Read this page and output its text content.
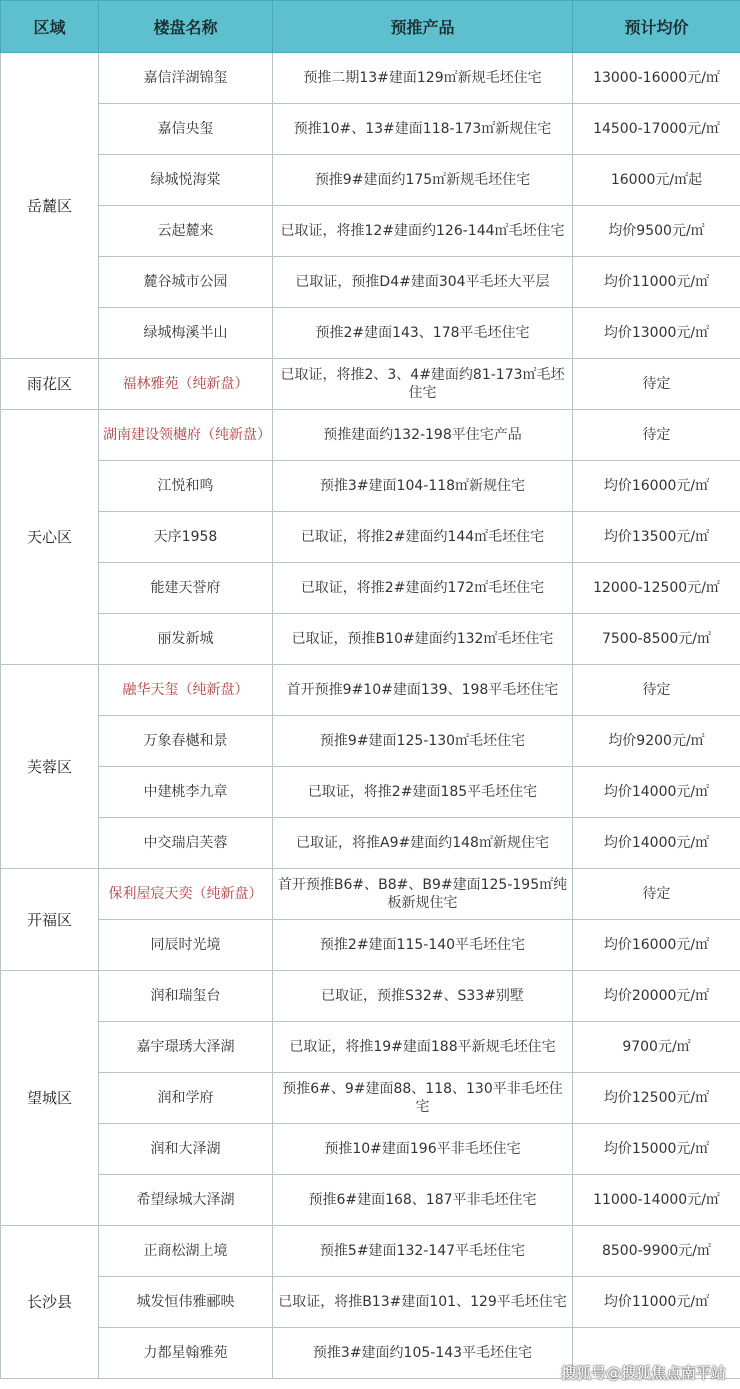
区域	楼盘名称	预推产品	预计均价
岳麓区	嘉信洋湖锦玺	预推二期13#建面129㎡新规毛坯住宅	13000-16000元/㎡
	嘉信央玺	预推10#、13#建面118-173㎡新规住宅	14500-17000元/㎡
	绿城悦海棠	预推9#建面约175㎡新规毛坯住宅	16000元/㎡起
	云起麓来	已取证，将推12#建面约126-144㎡毛坯住宅	均价9500元/㎡
	麓谷城市公园	已取证，预推D4#建面304平毛坯大平层	均价11000元/㎡
	绿城梅溪半山	预推2#建面143、178平毛坯住宅	均价13000元/㎡
雨花区	福林雅苑（纯新盘）	已取证，将推2、3、4#建面约81-173㎡毛坯住宅	待定
天心区	湖南建设领樾府（纯新盘）	预推建面约132-198平住宅产品	待定
	江悦和鸣	预推3#建面104-118㎡新规住宅	均价16000元/㎡
	天序1958	已取证，将推2#建面约144㎡毛坯住宅	均价13500元/㎡
	能建天誉府	已取证，将推2#建面约172㎡毛坯住宅	12000-12500元/㎡
	丽发新城	已取证，预推B10#建面约132㎡毛坯住宅	7500-8500元/㎡
芙蓉区	融华天玺（纯新盘）	首开预推9#10#建面139、198平毛坯住宅	待定
	万象春樾和景	预推9#建面125-130㎡毛坯住宅	均价9200元/㎡
	中建桃李九章	已取证，将推2#建面185平毛坯住宅	均价14000元/㎡
	中交瑞启芙蓉	已取证，将推A9#建面约148㎡新规住宅	均价14000元/㎡
开福区	保利屋宸天奕（纯新盘）	首开预推B6#、B8#、B9#建面125-195㎡纯板新规住宅	待定
	同辰时光境	预推2#建面115-140平毛坯住宅	均价16000元/㎡
望城区	润和瑞玺台	已取证，预推S32#、S33#别墅	均价20000元/㎡
	嘉宇璟琇大泽湖	已取证，将推19#建面188平新规毛坯住宅	9700元/㎡
	润和学府	预推6#、9#建面88、118、130平非毛坯住宅	均价12500元/㎡
	润和大泽湖	预推10#建面196平非毛坯住宅	均价15000元/㎡
	希望绿城大泽湖	预推6#建面168、187平非毛坯住宅	11000-14000元/㎡
长沙县	正商松湖上境	预推5#建面132-147平毛坯住宅	8500-9900元/㎡
	城发恒伟雅郦映	已取证，将推B13#建面101、129平毛坯住宅	均价11000元/㎡
	力都星翰雅苑	预推3#建面约105-143平毛坯住宅	
搜狐号@搜狐焦点南平站
